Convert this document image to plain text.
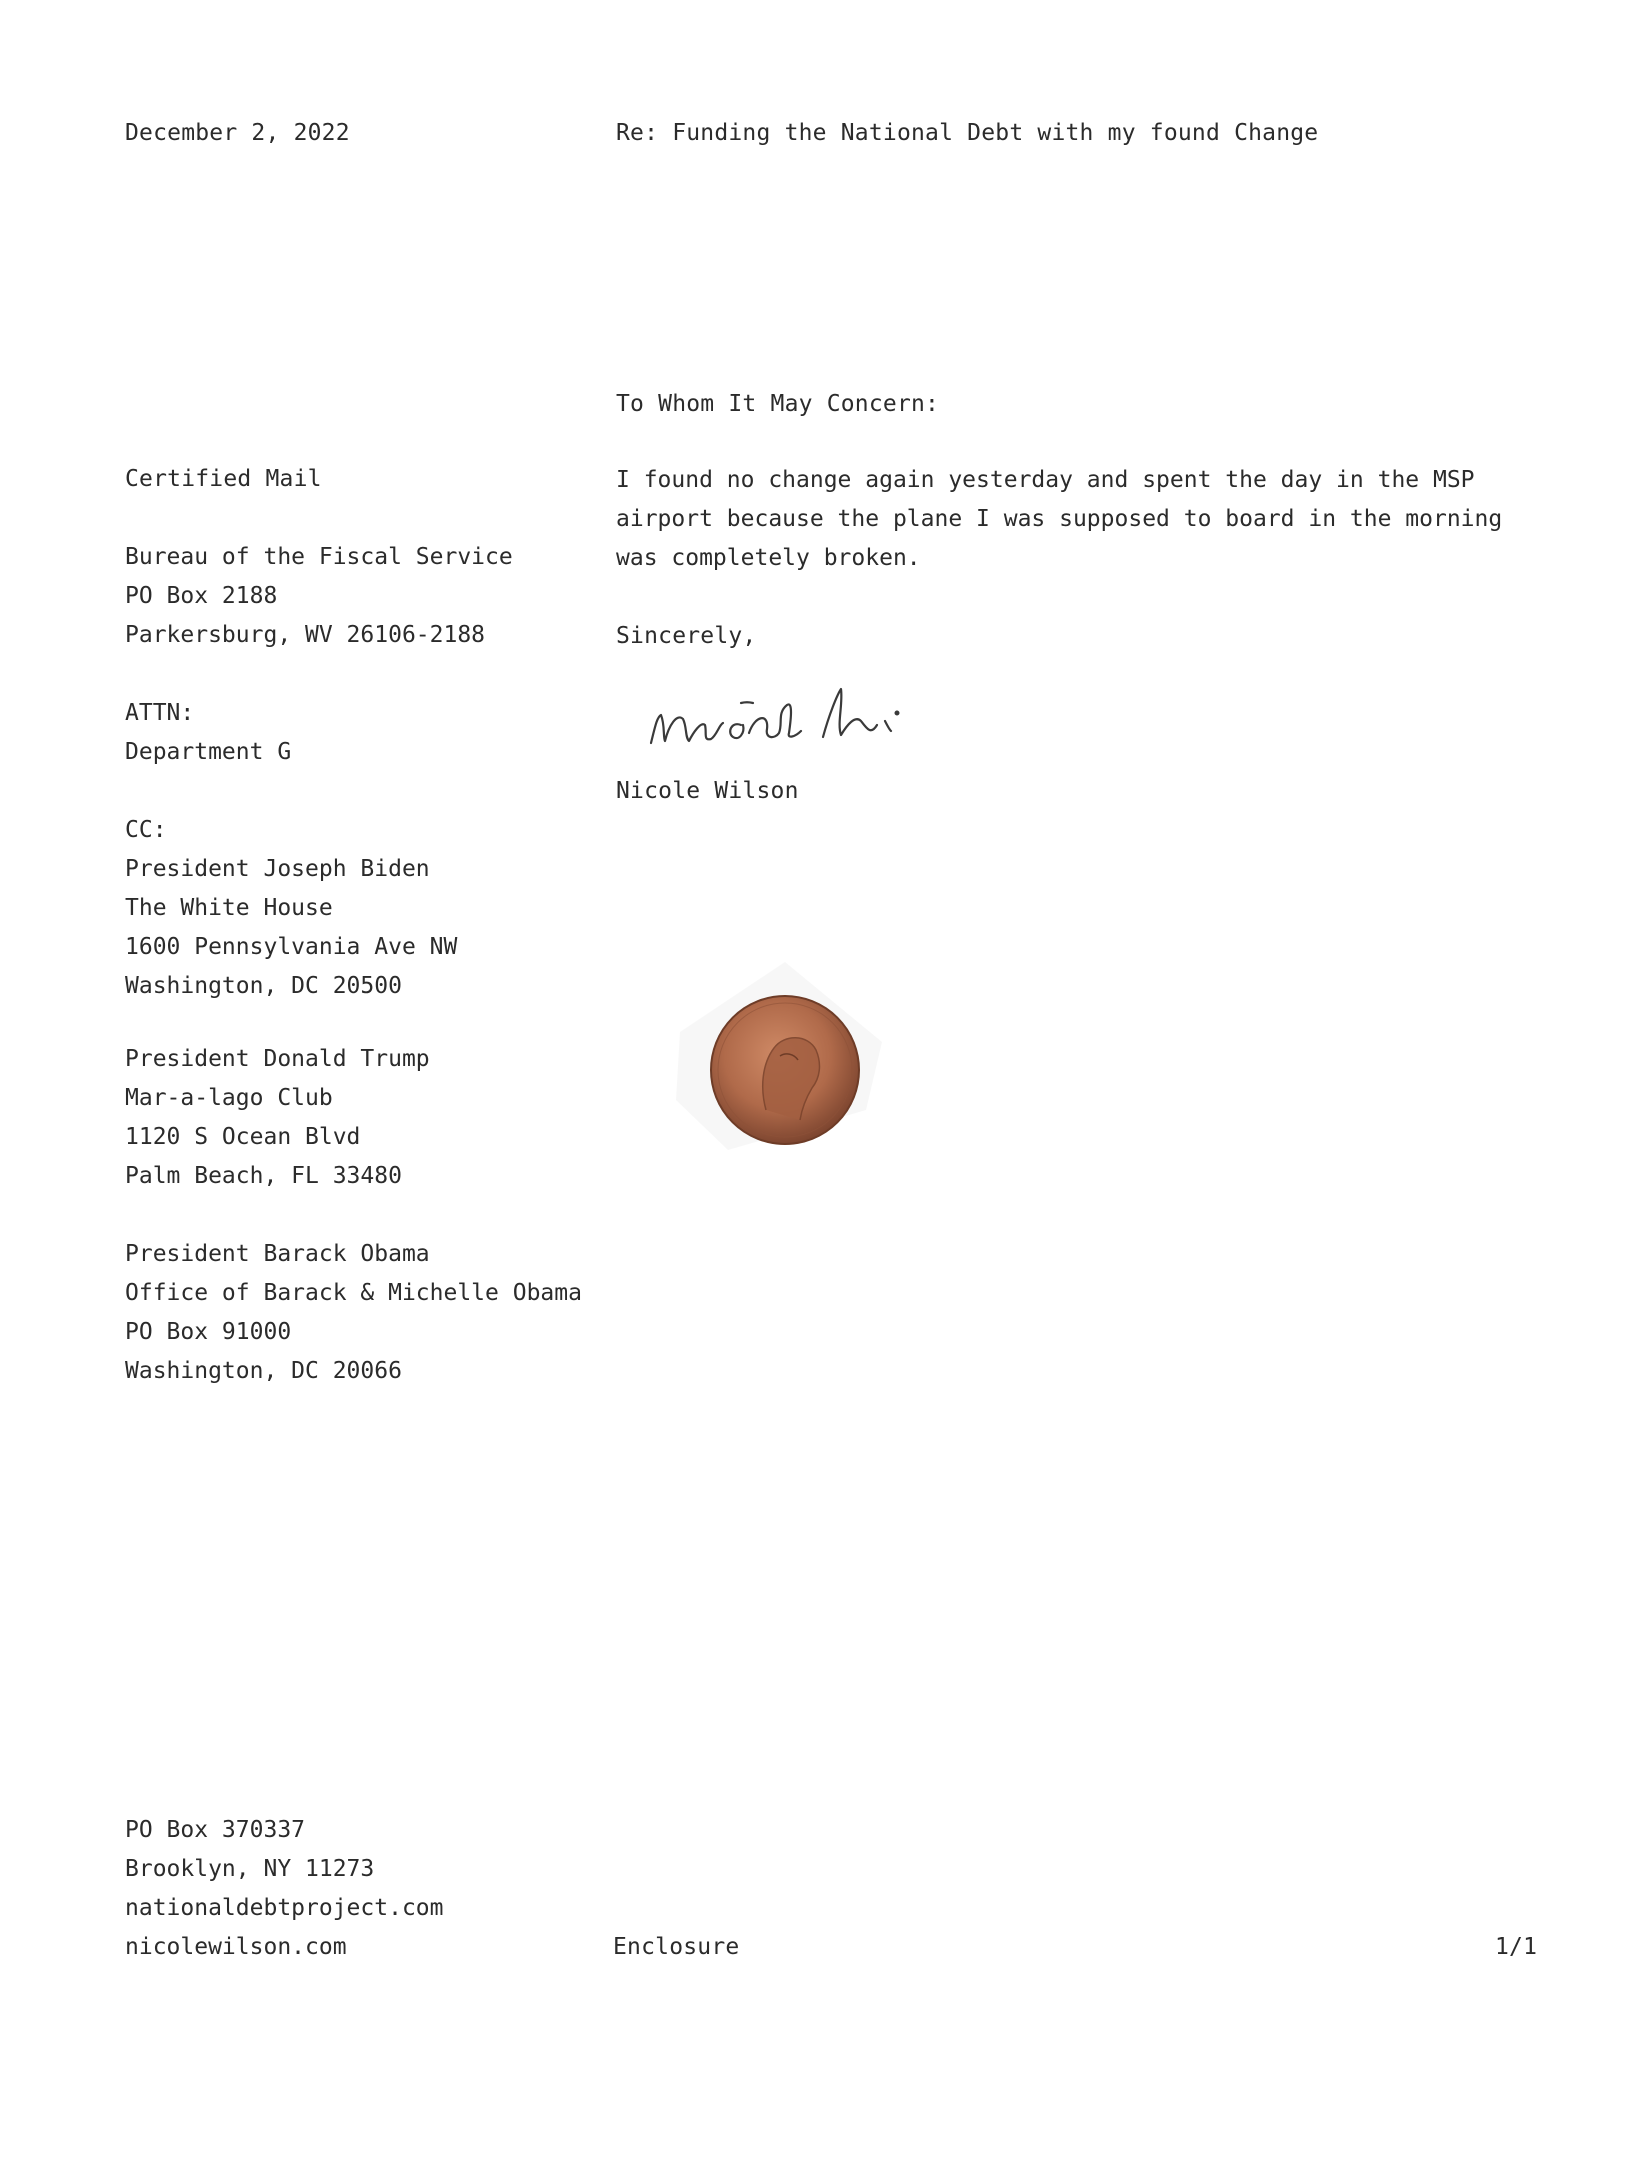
December 2, 2022	Re: Funding the National Debt with my found Change
Certified Mail
Bureau of the Fiscal Service
PO Box 2188
Parkersburg, WV 26106-2188
ATTN:
Department G
CC:
President Joseph Biden
The White House
1600 Pennsylvania Ave NW
Washington, DC 20500
President Donald Trump
Mar-a-lago Club
1120 S Ocean Blvd
Palm Beach, FL 33480
President Barack Obama
Office of Barack & Michelle Obama
PO Box 91000
Washington, DC 20066
To Whom It May Concern:
I found no change again yesterday and spent the day in the MSP
airport because the plane I was supposed to board in the morning
was completely broken.
Sincerely,
Nicole Wilson
PO Box 370337
Brooklyn, NY 11273
nationaldebtproject.com
nicolewilson.com	Enclosure	1/1
